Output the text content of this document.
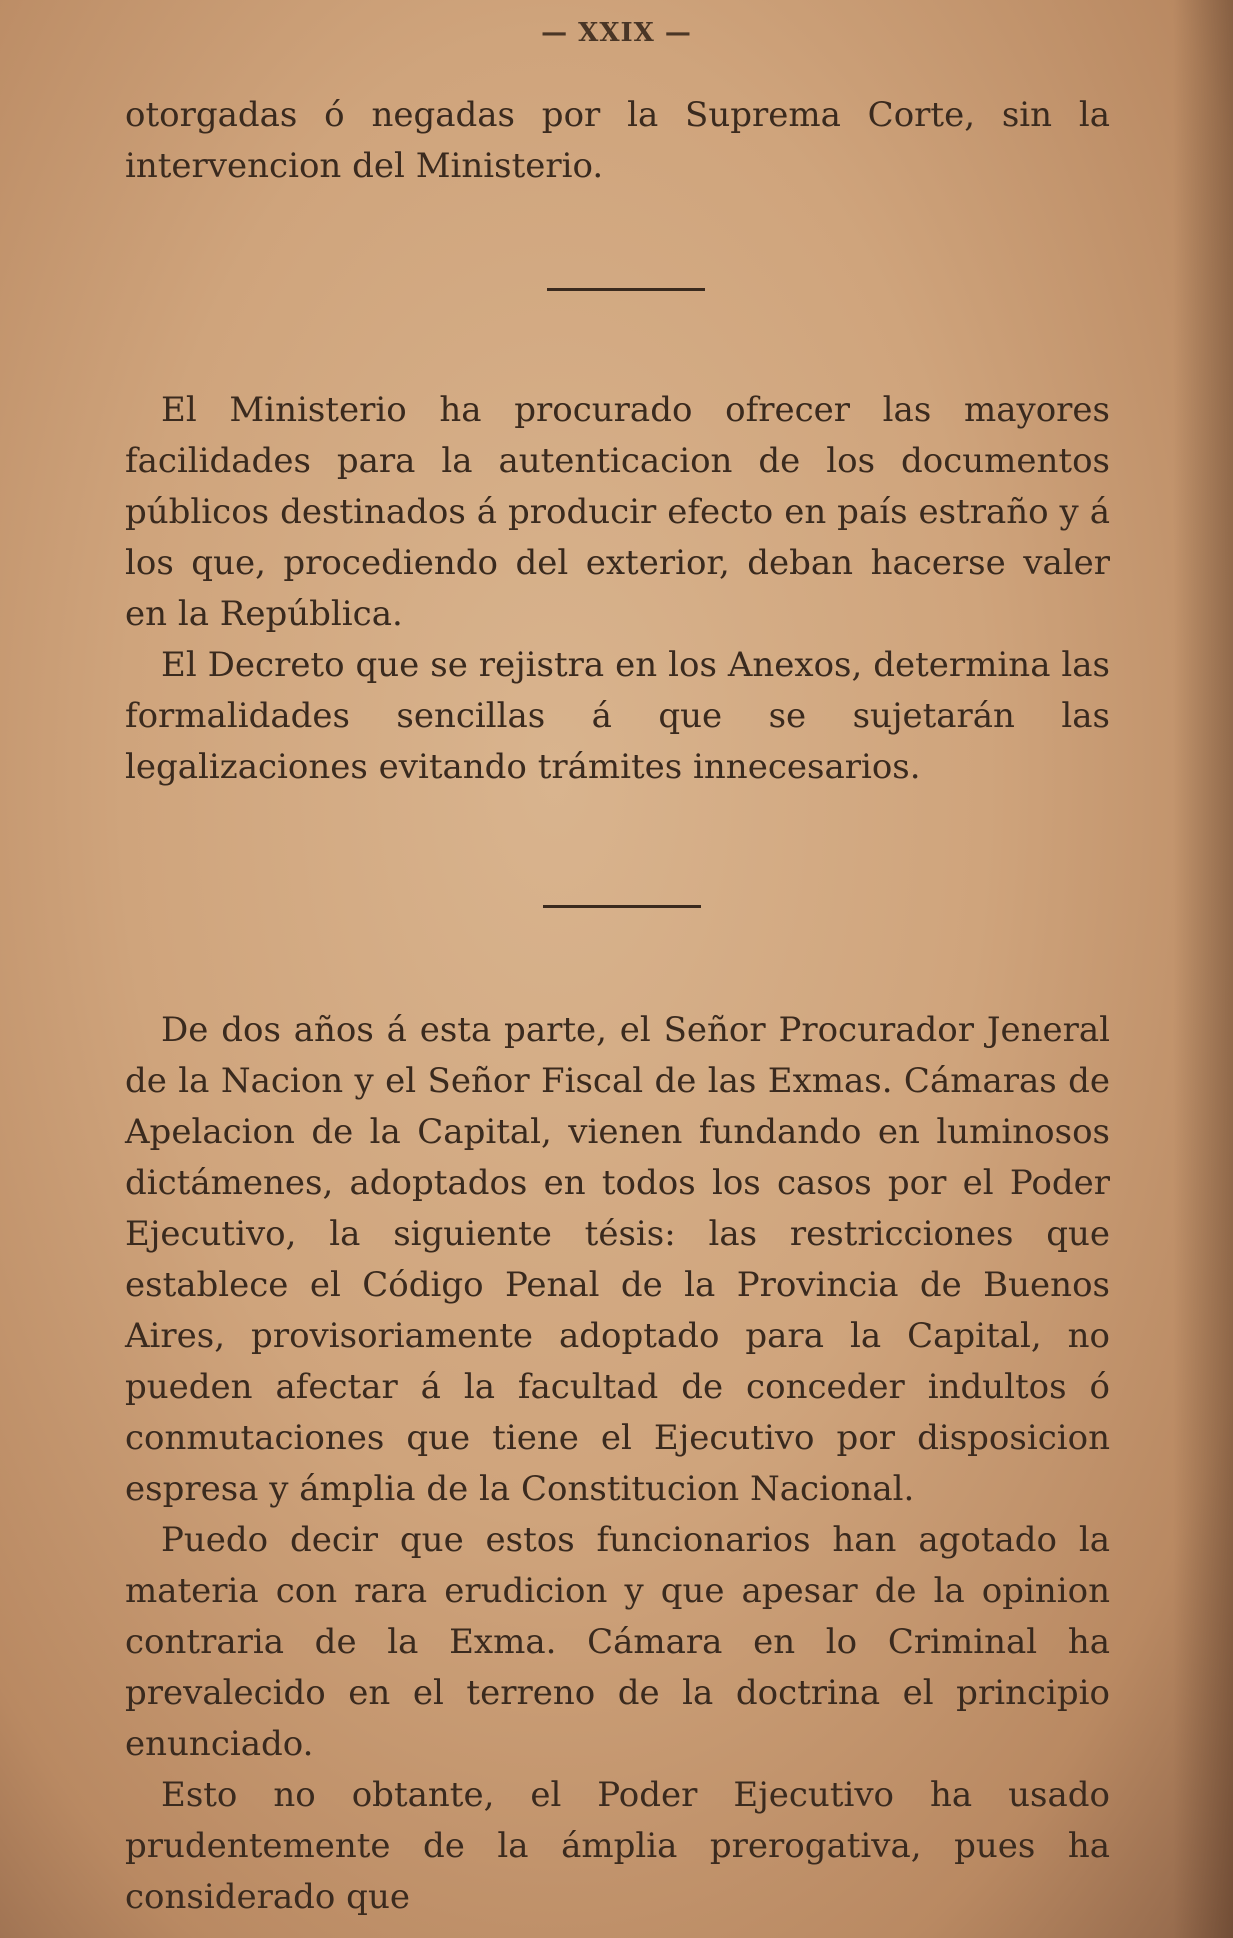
— XXIX —

otorgadas ó negadas por la Suprema Corte, sin la intervencion del Ministerio.

El Ministerio ha procurado ofrecer las mayores facilidades para la autenticacion de los documentos públicos destinados á producir efecto en país estraño y á los que, procediendo del exterior, deban hacerse valer en la República.

El Decreto que se rejistra en los Anexos, determina las formalidades sencillas á que se sujetarán las legalizaciones evitando trámites innecesarios.

De dos años á esta parte, el Señor Procurador Jeneral de la Nacion y el Señor Fiscal de las Exmas. Cámaras de Apelacion de la Capital, vienen fundando en luminosos dictámenes, adoptados en todos los casos por el Poder Ejecutivo, la siguiente tésis: las restricciones que establece el Código Penal de la Provincia de Buenos Aires, provisoriamente adoptado para la Capital, no pueden afectar á la facultad de conceder indultos ó conmutaciones que tiene el Ejecutivo por disposicion espresa y ámplia de la Constitucion Nacional.

Puedo decir que estos funcionarios han agotado la materia con rara erudicion y que apesar de la opinion contraria de la Exma. Cámara en lo Criminal ha prevalecido en el terreno de la doctrina el principio enunciado.

Esto no obtante, el Poder Ejecutivo ha usado prudentemente de la ámplia prerogativa, pues ha considerado que
